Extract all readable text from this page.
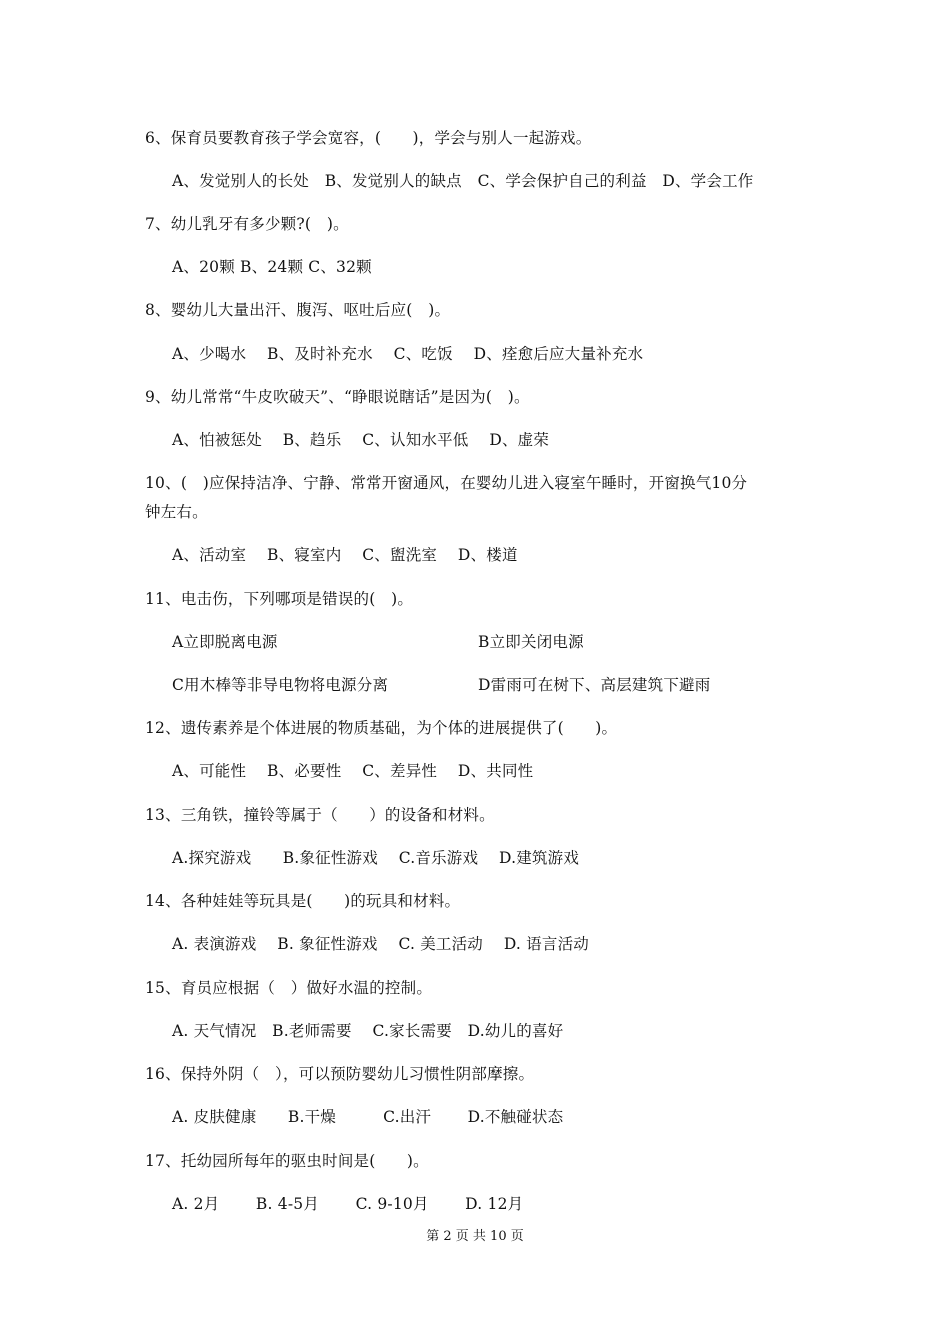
6、保育员要教育孩子学会宽容，(　　)，学会与别人一起游戏。
A、发觉别人的长处　B、发觉别人的缺点　C、学会保护自己的利益　D、学会工作
7、幼儿乳牙有多少颗?(　)。
A、20颗 B、24颗 C、32颗
8、婴幼儿大量出汗、腹泻、呕吐后应(　)。
A、少喝水　 B、及时补充水　 C、吃饭　 D、痊愈后应大量补充水
9、幼儿常常“牛皮吹破天”、“睁眼说瞎话”是因为(　)。
A、怕被惩处　 B、趋乐　 C、认知水平低　 D、虚荣
10、(　)应保持洁净、宁静、常常开窗通风，在婴幼儿进入寝室午睡时，开窗换气10分
钟左右。
A、活动室　 B、寝室内　 C、盥洗室　 D、楼道
11、电击伤，下列哪项是错误的(　)。
A立即脱离电源	B立即关闭电源
C用木棒等非导电物将电源分离	D雷雨可在树下、高层建筑下避雨
12、遗传素养是个体进展的物质基础，为个体的进展提供了(　　)。
A、可能性　 B、必要性　 C、差异性　 D、共同性
13、三角铁，撞铃等属于（　　）的设备和材料。
A.探究游戏　　B.象征性游戏　 C.音乐游戏　 D.建筑游戏
14、各种娃娃等玩具是(　　)的玩具和材料。
A. 表演游戏　 B. 象征性游戏　 C. 美工活动　 D. 语言活动
15、育员应根据（　）做好水温的控制。
A. 天气情况　B.老师需要　 C.家长需要　D.幼儿的喜好
16、保持外阴（　），可以预防婴幼儿习惯性阴部摩擦。
A. 皮肤健康　　B.干燥　　　C.出汗　　 D.不触碰状态
17、托幼园所每年的驱虫时间是(　　)。
A. 2月　　 B. 4-5月　　 C. 9-10月　　 D. 12月
第 2 页 共 10 页
